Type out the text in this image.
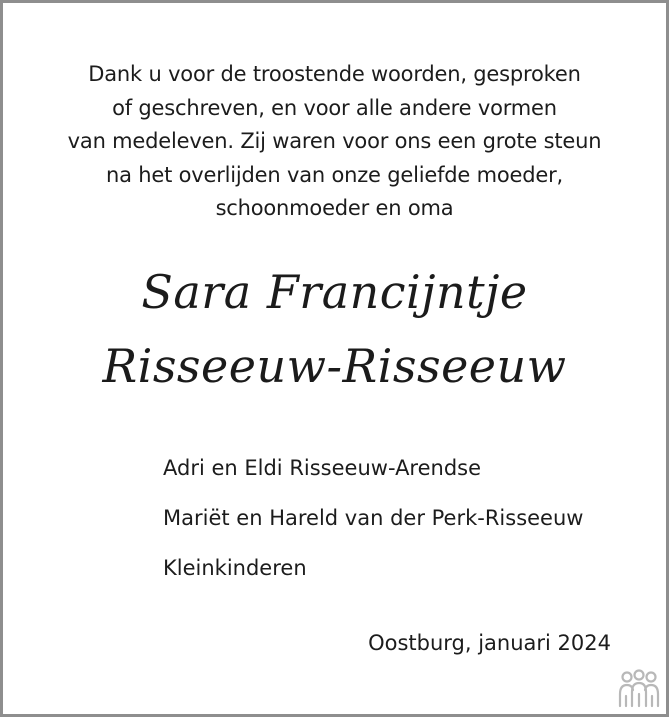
Dank u voor de troostende woorden, gesproken
of geschreven, en voor alle andere vormen
van medeleven. Zij waren voor ons een grote steun
na het overlijden van onze geliefde moeder,
schoonmoeder en oma
Sara Francijntje
Risseeuw-Risseeuw
Adri en Eldi Risseeuw-Arendse
Mariët en Hareld van der Perk-Risseeuw
Kleinkinderen
Oostburg, januari 2024
